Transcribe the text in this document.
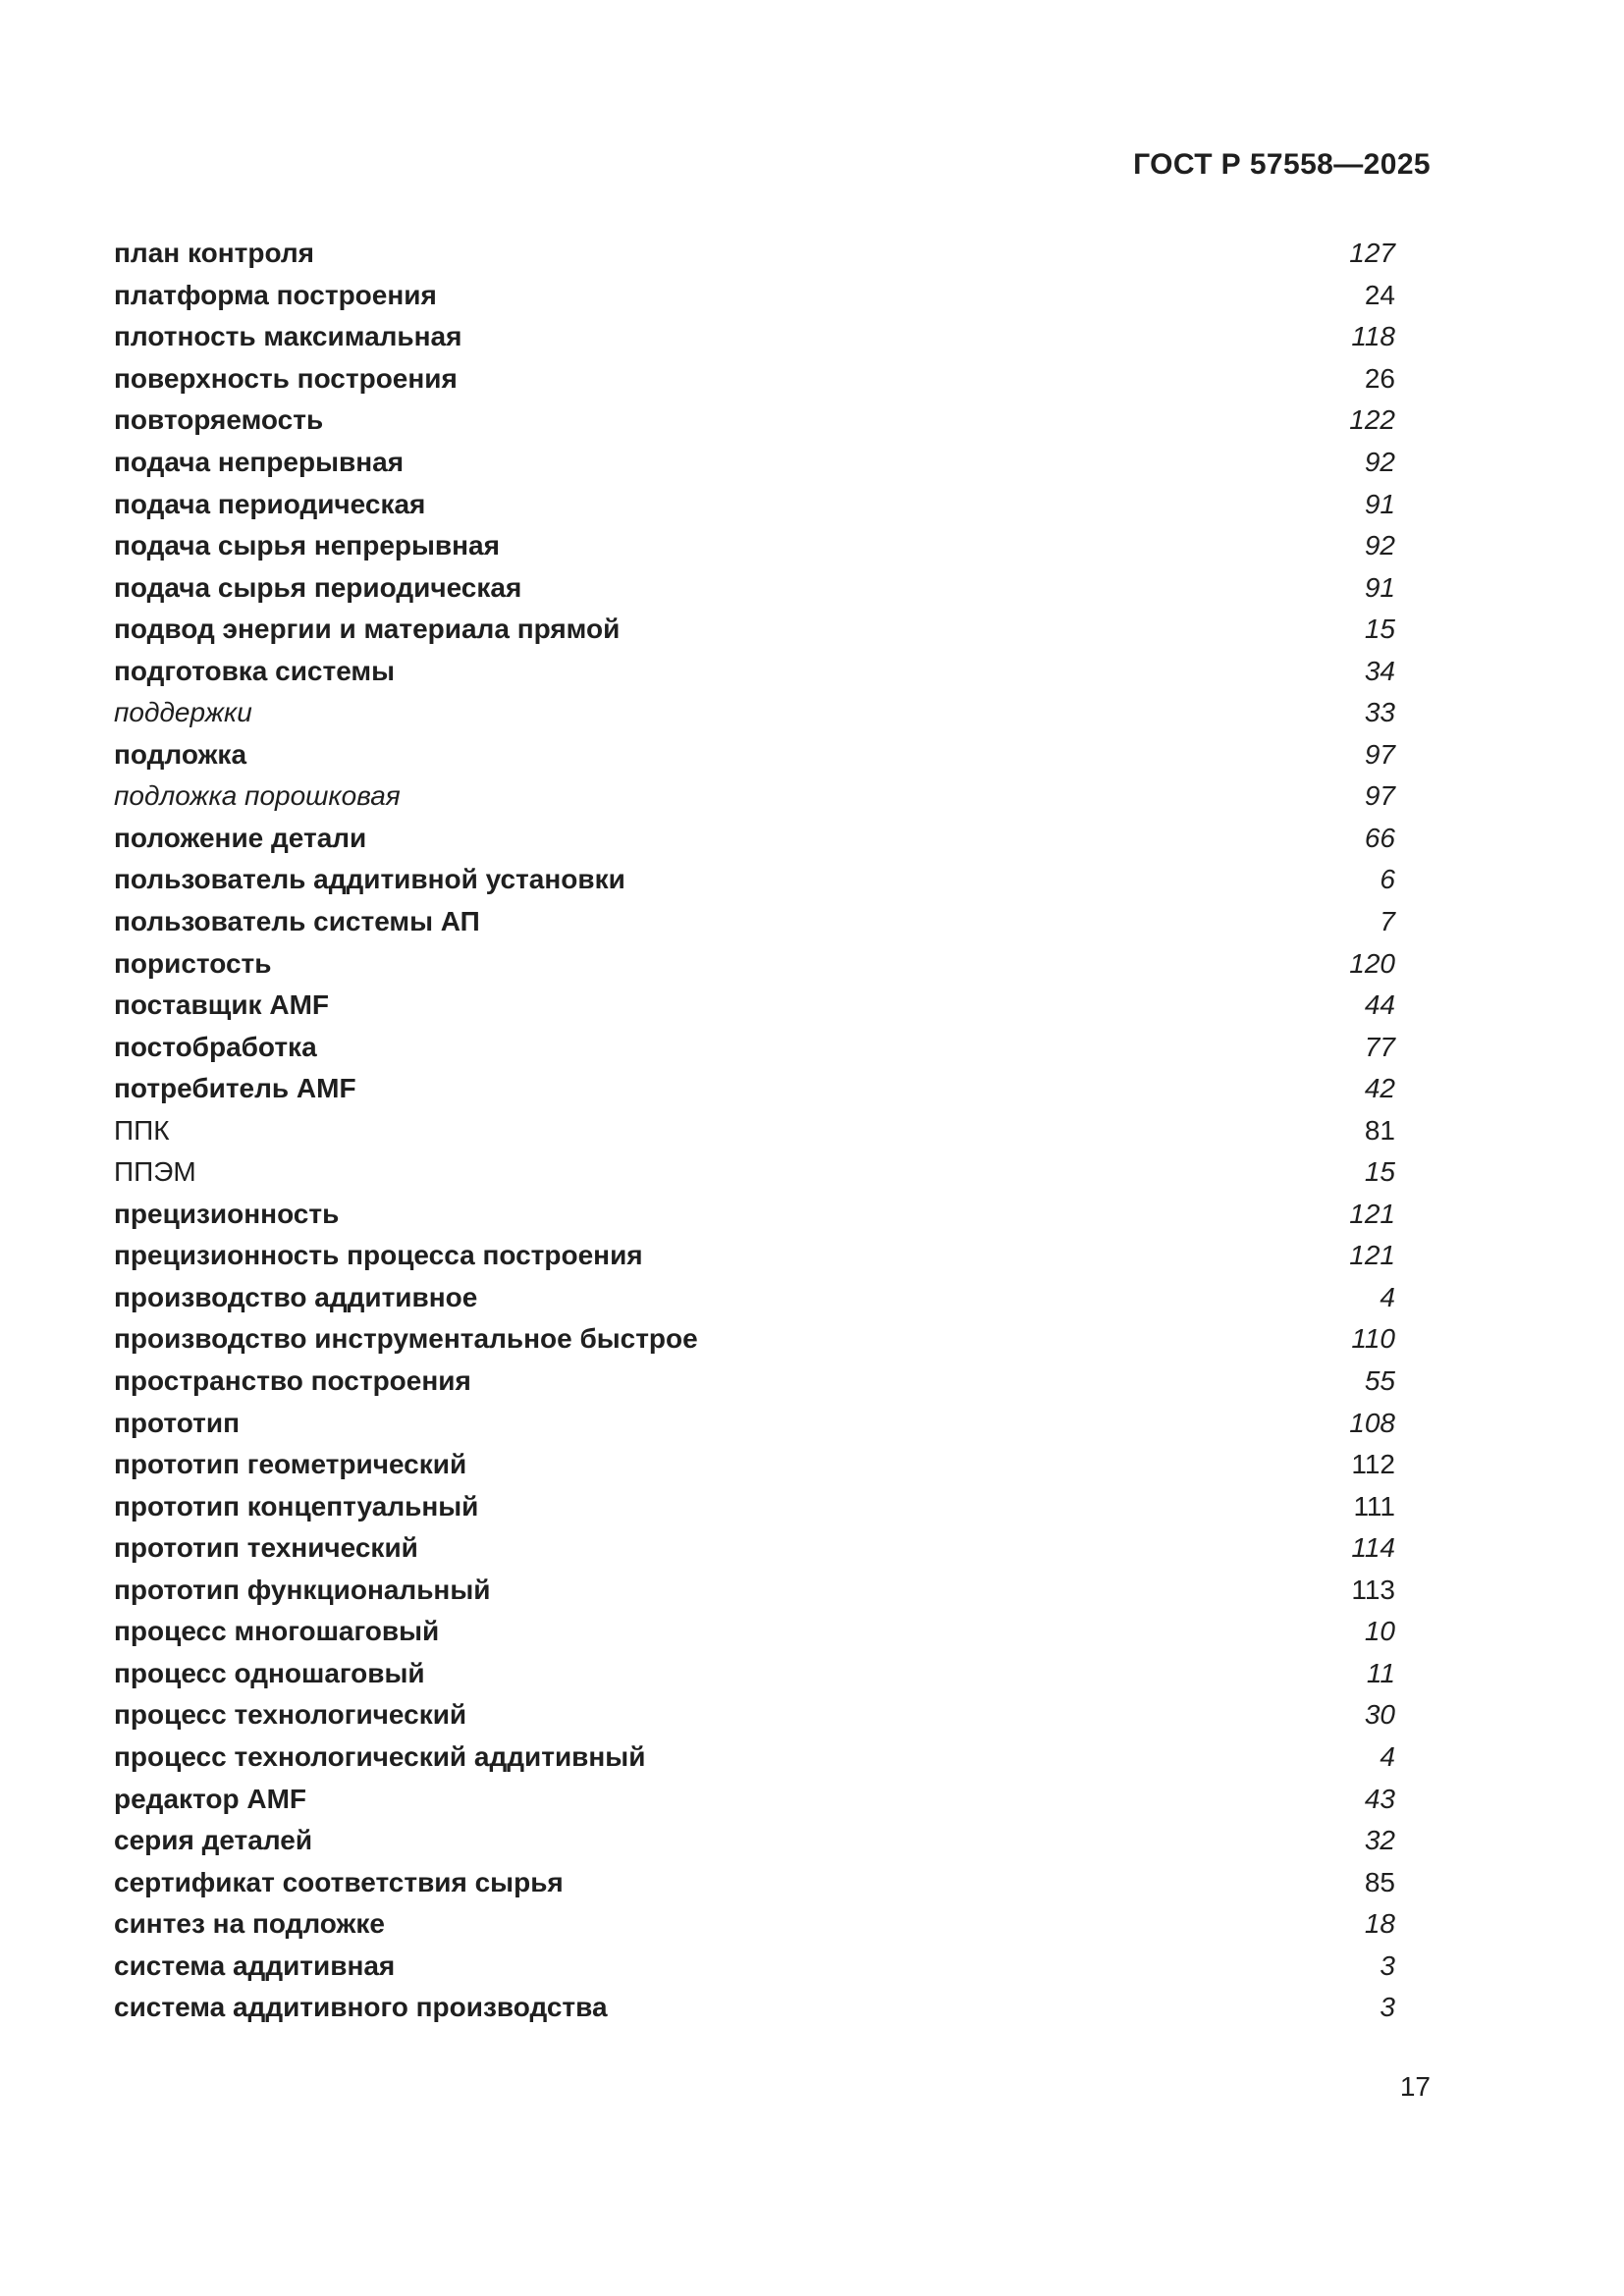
ГОСТ Р 57558—2025
план контроля	127
платформа построения	24
плотность максимальная	118
поверхность построения	26
повторяемость	122
подача непрерывная	92
подача периодическая	91
подача сырья непрерывная	92
подача сырья периодическая	91
подвод энергии и материала прямой	15
подготовка системы	34
поддержки	33
подложка	97
подложка порошковая	97
положение детали	66
пользователь аддитивной установки	6
пользователь системы АП	7
пористость	120
поставщик AMF	44
постобработка	77
потребитель AMF	42
ППК	81
ППЭМ	15
прецизионность	121
прецизионность процесса построения	121
производство аддитивное	4
производство инструментальное быстрое	110
пространство построения	55
прототип	108
прототип геометрический	112
прототип концептуальный	111
прототип технический	114
прототип функциональный	113
процесс многошаговый	10
процесс одношаговый	11
процесс технологический	30
процесс технологический аддитивный	4
редактор AMF	43
серия деталей	32
сертификат соответствия сырья	85
синтез на подложке	18
система аддитивная	3
система аддитивного производства	3
17
